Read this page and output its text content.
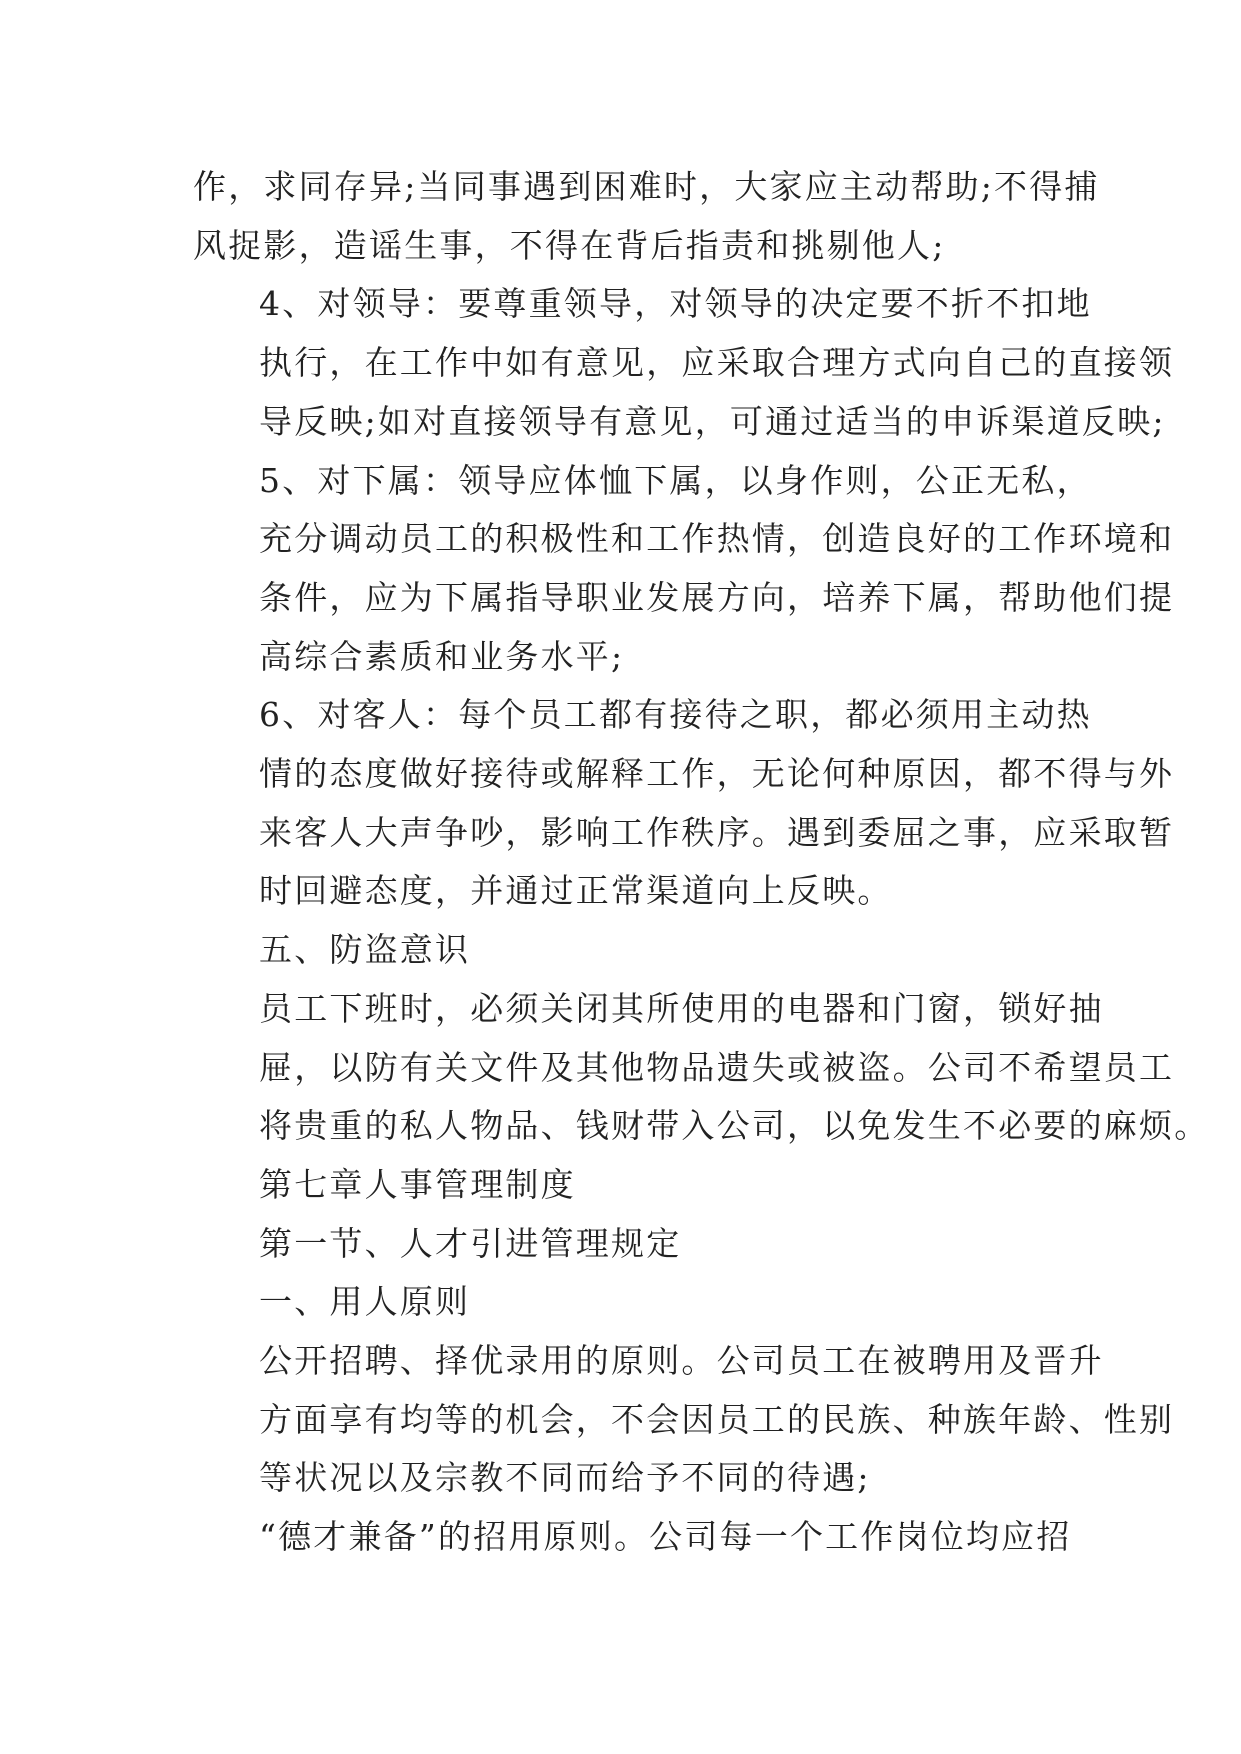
作，求同存异;当同事遇到困难时，大家应主动帮助;不得捕
风捉影，造谣生事，不得在背后指责和挑剔他人;

4、对领导：要尊重领导，对领导的决定要不折不扣地
执行，在工作中如有意见，应采取合理方式向自己的直接领
导反映;如对直接领导有意见，可通过适当的申诉渠道反映;

5、对下属：领导应体恤下属，以身作则，公正无私，
充分调动员工的积极性和工作热情，创造良好的工作环境和
条件，应为下属指导职业发展方向，培养下属，帮助他们提
高综合素质和业务水平;

6、对客人：每个员工都有接待之职，都必须用主动热
情的态度做好接待或解释工作，无论何种原因，都不得与外
来客人大声争吵，影响工作秩序。遇到委屈之事，应采取暂
时回避态度，并通过正常渠道向上反映。

五、防盗意识

员工下班时，必须关闭其所使用的电器和门窗，锁好抽
屉，以防有关文件及其他物品遗失或被盗。公司不希望员工
将贵重的私人物品、钱财带入公司，以免发生不必要的麻烦。

第七章人事管理制度

第一节、人才引进管理规定

一、用人原则

公开招聘、择优录用的原则。公司员工在被聘用及晋升
方面享有均等的机会，不会因员工的民族、种族年龄、性别
等状况以及宗教不同而给予不同的待遇;

“德才兼备”的招用原则。公司每一个工作岗位均应招
